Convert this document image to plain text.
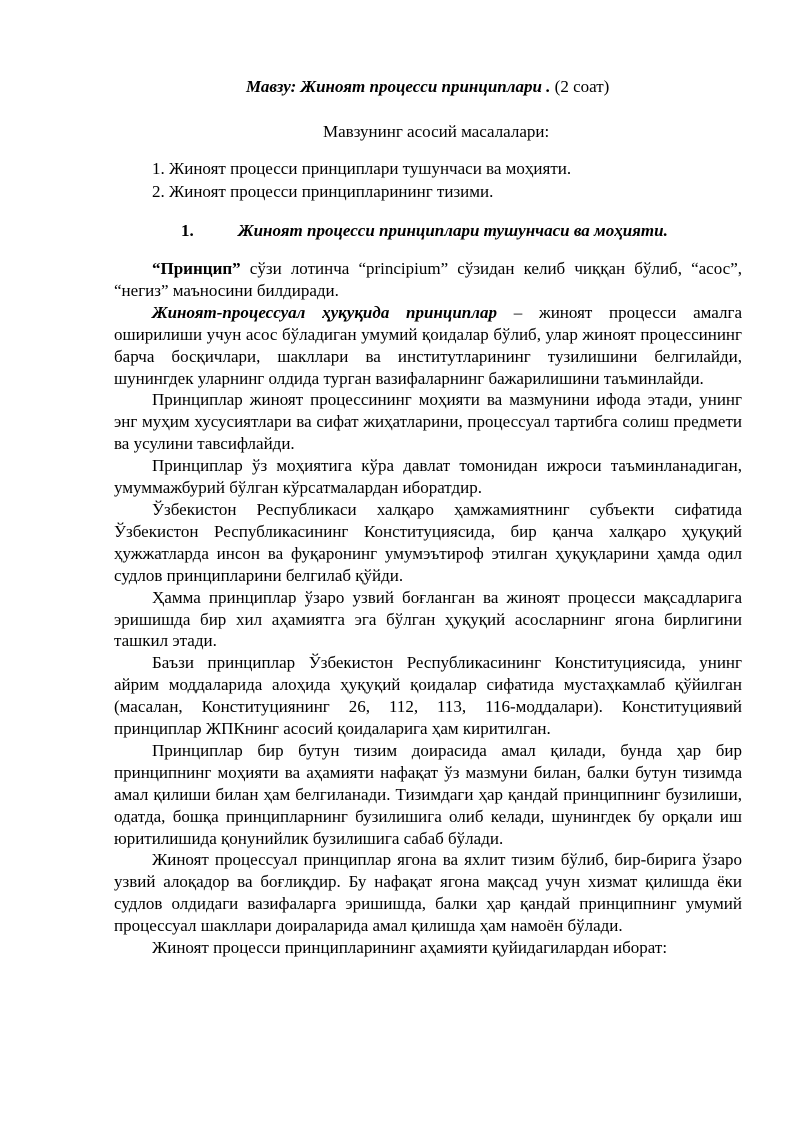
Мавзу: Жиноят процесси принциплари . (2 соат)
Мавзунинг асосий масалалари:
1. Жиноят процесси принциплари тушунчаси ва моҳияти.
2. Жиноят процесси принципларининг тизими.
1.	Жиноят процесси принциплари тушунчаси ва моҳияти.

“Принцип” сўзи лотинча “principium” сўзидан келиб чиққан бўлиб, “асос”, “негиз” маъносини билдиради.

Жиноят-процессуал ҳуқуқида принциплар – жиноят процесси амалга оширилиши учун асос бўладиган умумий қоидалар бўлиб, улар жиноят процессининг барча босқичлари, шакллари ва институтларининг тузилишини белгилайди, шунингдек уларнинг олдида турган вазифаларнинг бажарилишини таъминлайди.

Принциплар жиноят процессининг моҳияти ва мазмунини ифода этади, унинг энг муҳим хусусиятлари ва сифат жиҳатларини, процессуал тартибга солиш предмети ва усулини тавсифлайди.

Принциплар ўз моҳиятига кўра давлат томонидан ижроси таъминланадиган, умуммажбурий бўлган кўрсатмалардан иборатдир.

Ўзбекистон Республикаси халқаро ҳамжамиятнинг субъекти сифатида Ўзбекистон Республикасининг Конституциясида, бир қанча халқаро ҳуқуқий ҳужжатларда инсон ва фуқаронинг умумэътироф этилган ҳуқуқларини ҳамда одил судлов принципларини белгилаб қўйди.

Ҳамма принциплар ўзаро узвий боғланган ва жиноят процесси мақсадларига эришишда бир хил аҳамиятга эга бўлган ҳуқуқий асосларнинг ягона бирлигини ташкил этади.

Баъзи принциплар Ўзбекистон Республикасининг Конституциясида, унинг айрим моддаларида алоҳида ҳуқуқий қоидалар сифатида мустаҳкамлаб қўйилган (масалан, Конституциянинг 26, 112, 113, 116-моддалари). Конституциявий принциплар ЖПКнинг асосий қоидаларига ҳам киритилган.

Принциплар бир бутун тизим доирасида амал қилади, бунда ҳар бир принципнинг моҳияти ва аҳамияти нафақат ўз мазмуни билан, балки бутун тизимда амал қилиши билан ҳам белгиланади. Тизимдаги ҳар қандай принципнинг бузилиши, одатда, бошқа принципларнинг бузилишига олиб келади, шунингдек бу орқали иш юритилишида қонунийлик бузилишига сабаб бўлади.

Жиноят процессуал принциплар ягона ва яхлит тизим бўлиб, бир-бирига ўзаро узвий алоқадор ва боғлиқдир. Бу нафақат ягона мақсад учун хизмат қилишда ёки судлов олдидаги вазифаларга эришишда, балки ҳар қандай принципнинг умумий процессуал шакллари доираларида амал қилишда ҳам намоён бўлади.

Жиноят процесси принципларининг аҳамияти қуйидагилардан иборат:
